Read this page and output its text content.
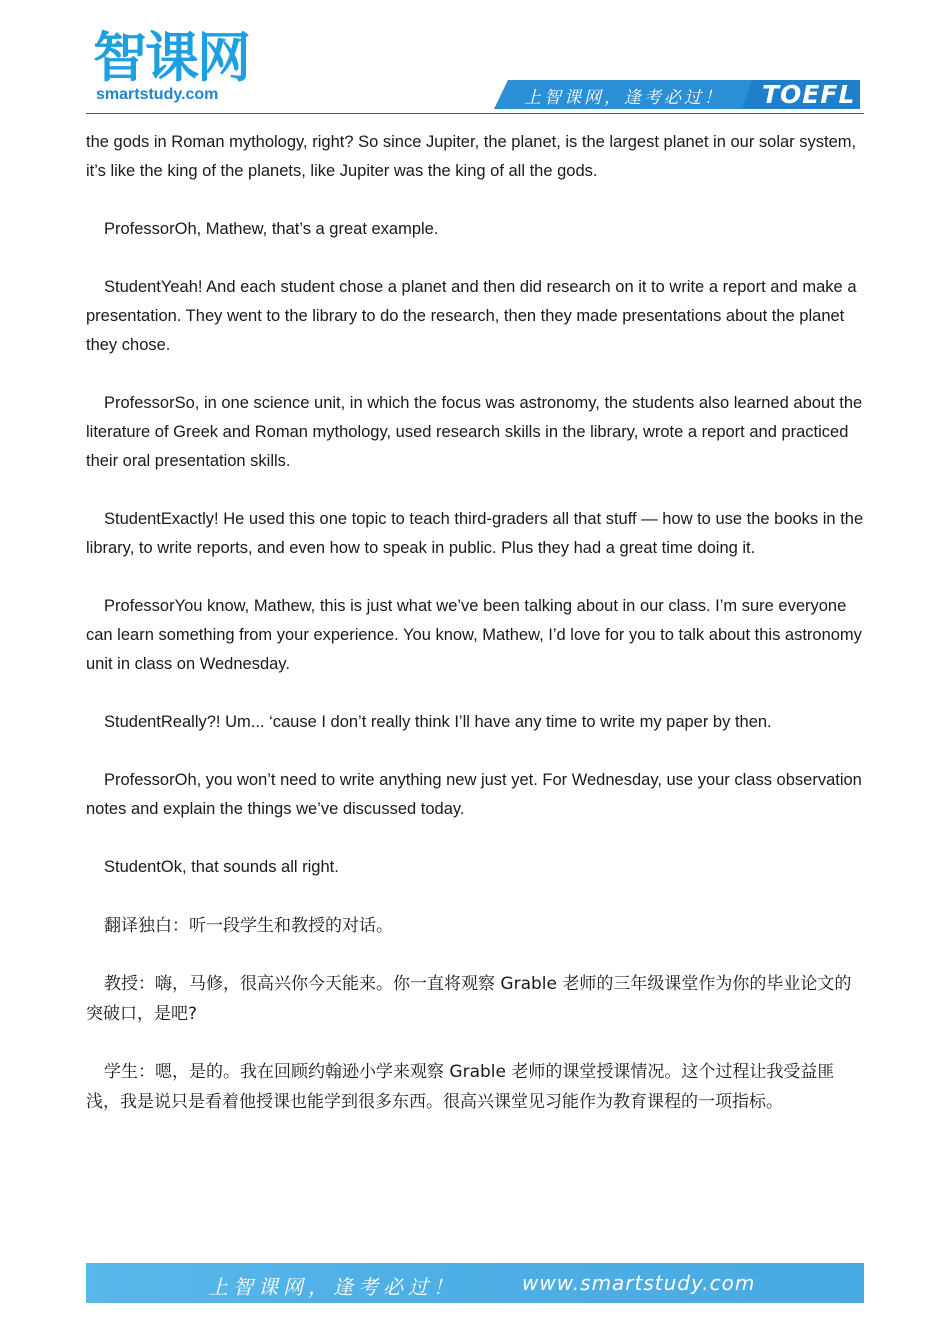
智课网
smartstudy.com	上智课网，逢考必过！ TOEFL

the gods in Roman mythology, right? So since Jupiter, the planet, is the largest planet in our solar system, it’s like the king of the planets, like Jupiter was the king of all the gods.

ProfessorOh, Mathew, that’s a great example.

StudentYeah! And each student chose a planet and then did research on it to write a report and make a presentation. They went to the library to do the research, then they made presentations about the planet they chose.

ProfessorSo, in one science unit, in which the focus was astronomy, the students also learned about the literature of Greek and Roman mythology, used research skills in the library, wrote a report and practiced their oral presentation skills.

StudentExactly! He used this one topic to teach third-graders all that stuff — how to use the books in the library, to write reports, and even how to speak in public. Plus they had a great time doing it.

ProfessorYou know, Mathew, this is just what we’ve been talking about in our class. I’m sure everyone can learn something from your experience. You know, Mathew, I’d love for you to talk about this astronomy unit in class on Wednesday.

StudentReally?! Um... ‘cause I don’t really think I’ll have any time to write my paper by then.

ProfessorOh, you won’t need to write anything new just yet. For Wednesday, use your class observation notes and explain the things we’ve discussed today.

StudentOk, that sounds all right.

翻译独白：听一段学生和教授的对话。

教授：嗨，马修，很高兴你今天能来。你一直将观察 Grable 老师的三年级课堂作为你的毕业论文的突破口，是吧?

学生：嗯，是的。我在回顾约翰逊小学来观察 Grable 老师的课堂授课情况。这个过程让我受益匪浅，我是说只是看着他授课也能学到很多东西。很高兴课堂见习能作为教育课程的一项指标。

上智课网，逢考必过！	www.smartstudy.com
